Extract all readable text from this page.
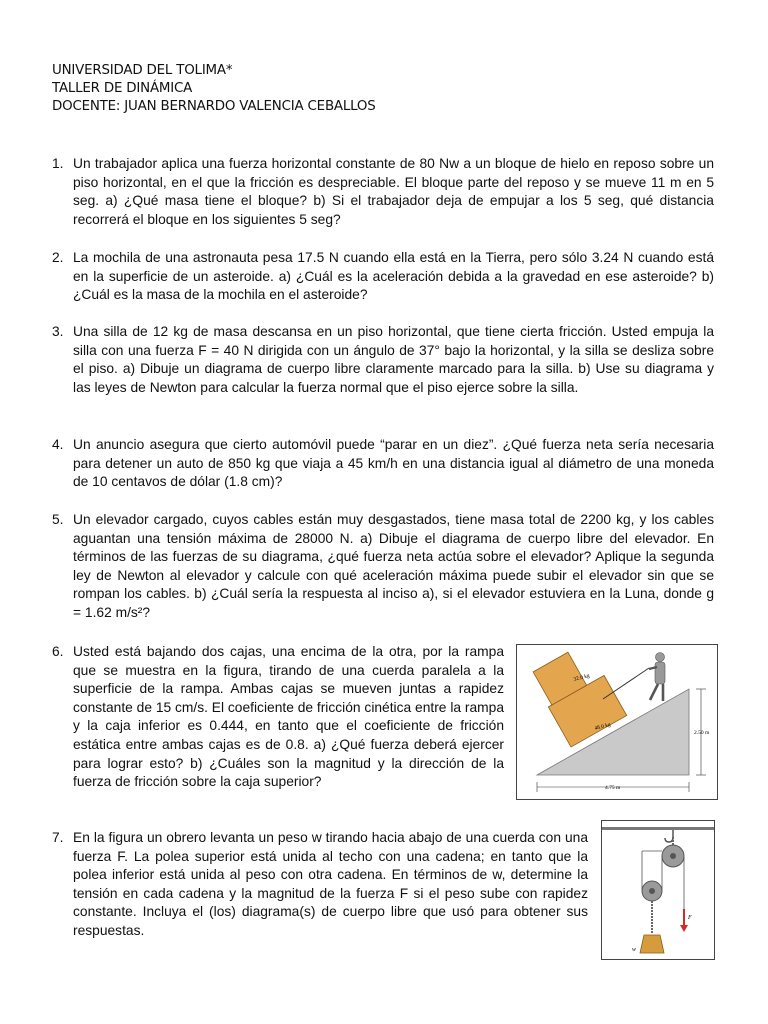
UNIVERSIDAD DEL TOLIMA*
TALLER DE DINÁMICA
DOCENTE: JUAN BERNARDO VALENCIA CEBALLOS
1. Un trabajador aplica una fuerza horizontal constante de 80 Nw a un bloque de hielo en reposo sobre un piso horizontal, en el que la fricción es despreciable. El bloque parte del reposo y se mueve 11 m en 5 seg. a) ¿Qué masa tiene el bloque? b) Si el trabajador deja de empujar a los 5 seg, qué distancia recorrerá el bloque en los siguientes 5 seg?
2. La mochila de una astronauta pesa 17.5 N cuando ella está en la Tierra, pero sólo 3.24 N cuando está en la superficie de un asteroide. a) ¿Cuál es la aceleración debida a la gravedad en ese asteroide? b) ¿Cuál es la masa de la mochila en el asteroide?
3. Una silla de 12 kg de masa descansa en un piso horizontal, que tiene cierta fricción. Usted empuja la silla con una fuerza F = 40 N dirigida con un ángulo de 37° bajo la horizontal, y la silla se desliza sobre el piso. a) Dibuje un diagrama de cuerpo libre claramente marcado para la silla. b) Use su diagrama y las leyes de Newton para calcular la fuerza normal que el piso ejerce sobre la silla.
4. Un anuncio asegura que cierto automóvil puede “parar en un diez”. ¿Qué fuerza neta sería necesaria para detener un auto de 850 kg que viaja a 45 km/h en una distancia igual al diámetro de una moneda de 10 centavos de dólar (1.8 cm)?
5. Un elevador cargado, cuyos cables están muy desgastados, tiene masa total de 2200 kg, y los cables aguantan una tensión máxima de 28000 N. a) Dibuje el diagrama de cuerpo libre del elevador. En términos de las fuerzas de su diagrama, ¿qué fuerza neta actúa sobre el elevador? Aplique la segunda ley de Newton al elevador y calcule con qué aceleración máxima puede subir el elevador sin que se rompan los cables. b) ¿Cuál sería la respuesta al inciso a), si el elevador estuviera en la Luna, donde g = 1.62 m/s²?
6. Usted está bajando dos cajas, una encima de la otra, por la rampa que se muestra en la figura, tirando de una cuerda paralela a la superficie de la rampa. Ambas cajas se mueven juntas a rapidez constante de 15 cm/s. El coeficiente de fricción cinética entre la rampa y la caja inferior es 0.444, en tanto que el coeficiente de fricción estática entre ambas cajas es de 0.8. a) ¿Qué fuerza deberá ejercer para lograr esto? b) ¿Cuáles son la magnitud y la dirección de la fuerza de fricción sobre la caja superior?
7. En la figura un obrero levanta un peso w tirando hacia abajo de una cuerda con una fuerza F. La polea superior está unida al techo con una cadena; en tanto que la polea inferior está unida al peso con otra cadena. En términos de w, determine la tensión en cada cadena y la magnitud de la fuerza F si el peso sube con rapidez constante. Incluya el (los) diagrama(s) de cuerpo libre que usó para obtener sus respuestas.
32.0 kg
48.0 kg
2.50 m
4.75 m
F
w
